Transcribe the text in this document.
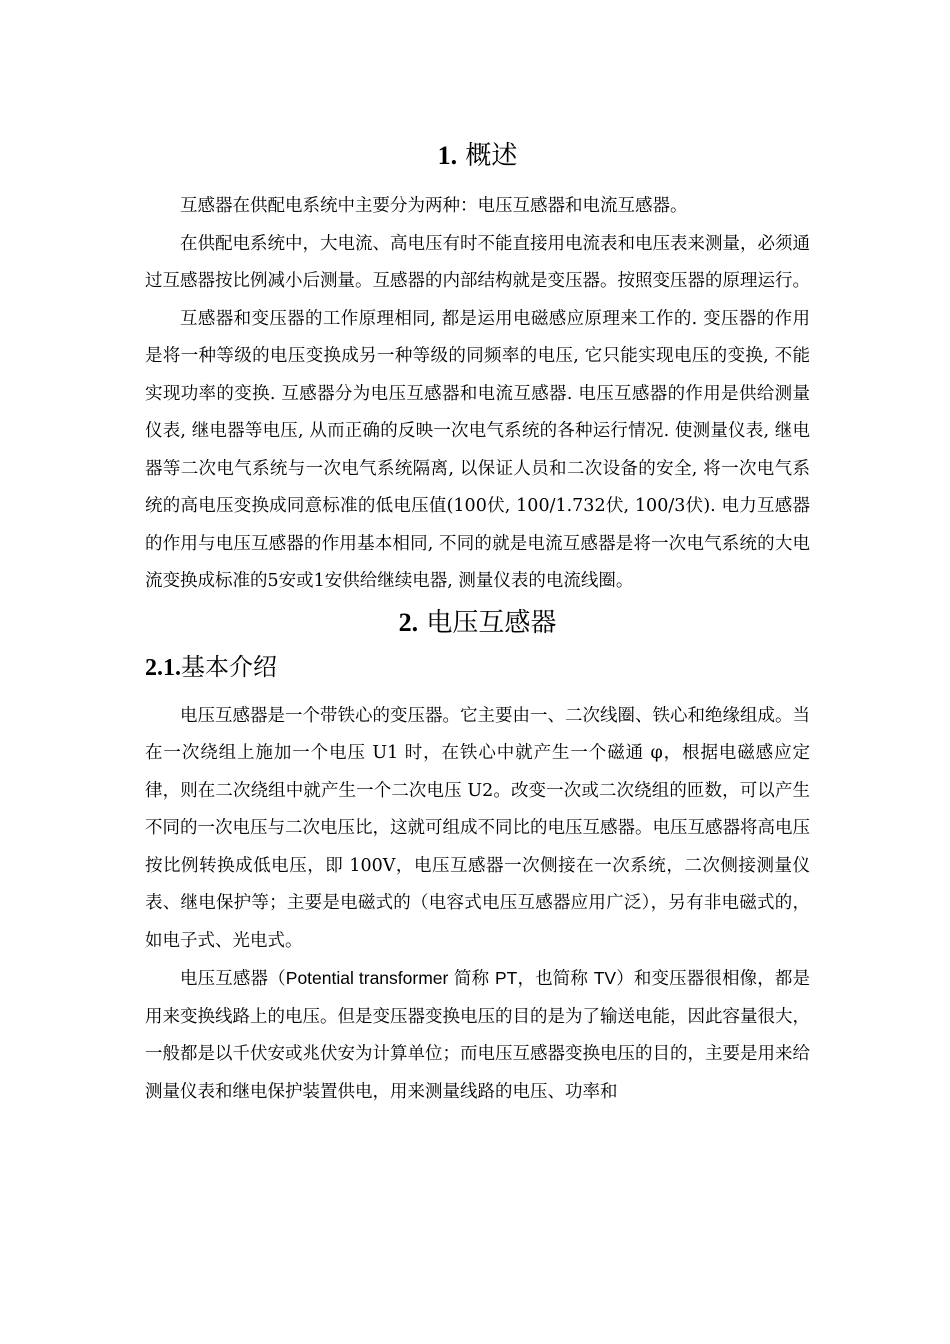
1. 概述

互感器在供配电系统中主要分为两种：电压互感器和电流互感器。

在供配电系统中，大电流、高电压有时不能直接用电流表和电压表来测量，必须通过互感器按比例减小后测量。互感器的内部结构就是变压器。按照变压器的原理运行。

互感器和变压器的工作原理相同, 都是运用电磁感应原理来工作的. 变压器的作用是将一种等级的电压变换成另一种等级的同频率的电压, 它只能实现电压的变换, 不能实现功率的变换. 互感器分为电压互感器和电流互感器. 电压互感器的作用是供给测量仪表, 继电器等电压, 从而正确的反映一次电气系统的各种运行情况. 使测量仪表, 继电器等二次电气系统与一次电气系统隔离, 以保证人员和二次设备的安全, 将一次电气系统的高电压变换成同意标准的低电压值(100伏, 100/1.732伏, 100/3伏). 电力互感器的作用与电压互感器的作用基本相同, 不同的就是电流互感器是将一次电气系统的大电流变换成标准的5安或1安供给继续电器, 测量仪表的电流线圈。

2. 电压互感器
2.1.基本介绍

电压互感器是一个带铁心的变压器。它主要由一、二次线圈、铁心和绝缘组成。当在一次绕组上施加一个电压 U1 时，在铁心中就产生一个磁通 φ，根据电磁感应定律，则在二次绕组中就产生一个二次电压 U2。改变一次或二次绕组的匝数，可以产生不同的一次电压与二次电压比，这就可组成不同比的电压互感器。电压互感器将高电压按比例转换成低电压，即 100V，电压互感器一次侧接在一次系统，二次侧接测量仪表、继电保护等；主要是电磁式的（电容式电压互感器应用广泛），另有非电磁式的，如电子式、光电式。

电压互感器（Potential transformer 简称 PT，也简称 TV）和变压器很相像，都是用来变换线路上的电压。但是变压器变换电压的目的是为了输送电能，因此容量很大，一般都是以千伏安或兆伏安为计算单位；而电压互感器变换电压的目的，主要是用来给测量仪表和继电保护装置供电，用来测量线路的电压、功率和
